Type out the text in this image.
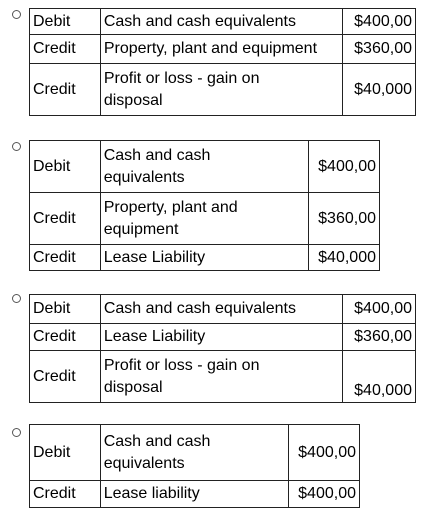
Debit	Cash and cash equivalents	$400,00
Credit	Property, plant and equipment	$360,00
Credit	Profit or loss - gain on disposal	$40,000
Debit	Cash and cash equivalents	$400,00
Credit	Property, plant and equipment	$360,00
Credit	Lease Liability	$40,000
Debit	Cash and cash equivalents	$400,00
Credit	Lease Liability	$360,00
Credit	Profit or loss - gain on disposal	$40,000
Debit	Cash and cash equivalents	$400,00
Credit	Lease liability	$400,00
